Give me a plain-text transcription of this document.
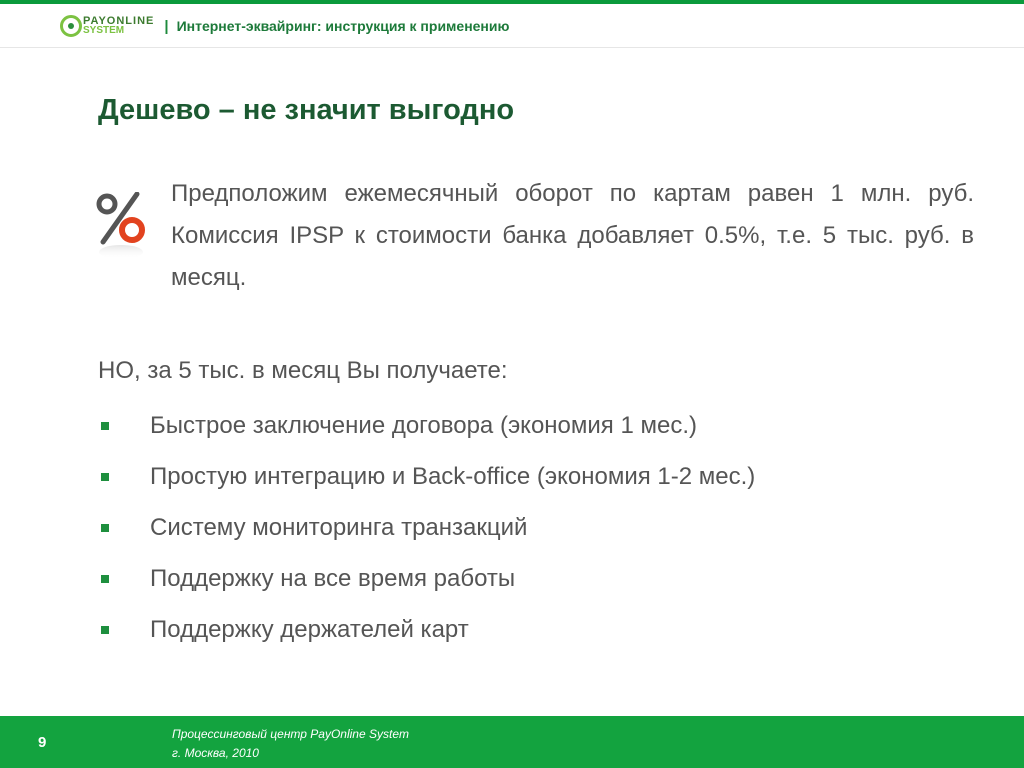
PAYONLINE
SYSTEM	| Интернет-эквайринг: инструкция к применению
Дешево – не значит выгодно

Предположим ежемесячный оборот по картам равен 1 млн. руб. Комиссия IPSP к стоимости банка добавляет 0.5%, т.е. 5 тыс. руб. в месяц.

НО, за 5 тыс. в месяц Вы получаете:

Быстрое заключение договора (экономия 1 мес.)
Простую интеграцию и Back-office (экономия 1-2 мес.)
Систему мониторинга транзакций
Поддержку на все время работы
Поддержку держателей карт
9	Процессинговый центр PayOnline System
г. Москва, 2010
